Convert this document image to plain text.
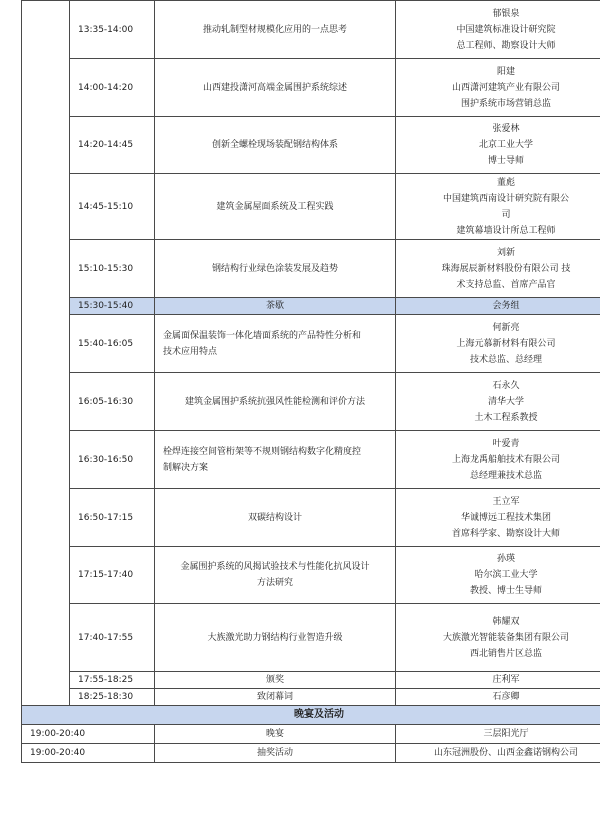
	13:35-14:00	推动轧制型材规模化应用的一点思考	郁银泉
中国建筑标准设计研究院
总工程师、勘察设计大师

	14:00-14:20	山西建投潇河高端金属围护系统综述	阳建
山西潇河建筑产业有限公司
围护系统市场营销总监

	14:20-14:45	创新全螺栓现场装配钢结构体系	张爱林
北京工业大学
博士导师

	14:45-15:10	建筑金属屋面系统及工程实践	董彪
中国建筑西南设计研究院有限公
司
建筑幕墙设计所总工程师

	15:10-15:30	钢结构行业绿色涂装发展及趋势	刘新
珠海展辰新材料股份有限公司 技
术支持总监、首席产品官

	15:30-15:40	茶歇	会务组

	15:40-16:05	金属面保温装饰一体化墙面系统的产品特性分析和
技术应用特点	何新亮
上海元慕新材料有限公司
技术总监、总经理

	16:05-16:30	建筑金属围护系统抗强风性能检测和评价方法	石永久
清华大学
土木工程系教授

	16:30-16:50	栓焊连接空间管桁架等不规则钢结构数字化精度控
制解决方案	叶爱青
上海龙禹船舶技术有限公司
总经理兼技术总监

	16:50-17:15	双碳结构设计	王立军
华诚博远工程技术集团
首席科学家、勘察设计大师

	17:15-17:40	金属围护系统的风揭试验技术与性能化抗风设计
方法研究	孙瑛
哈尔滨工业大学
教授、博士生导师

	17:40-17:55	大族激光助力钢结构行业智造升级	韩耀双
大族激光智能装备集团有限公司
西北销售片区总监

	17:55-18:25	颁奖	庄利军

	18:25-18:30	致闭幕词	石彦卿

晚宴及活动			
19:00-20:40		晚宴	三层阳光厅

19:00-20:40		抽奖活动	山东冠洲股份、山西金鑫诺钢构公司
